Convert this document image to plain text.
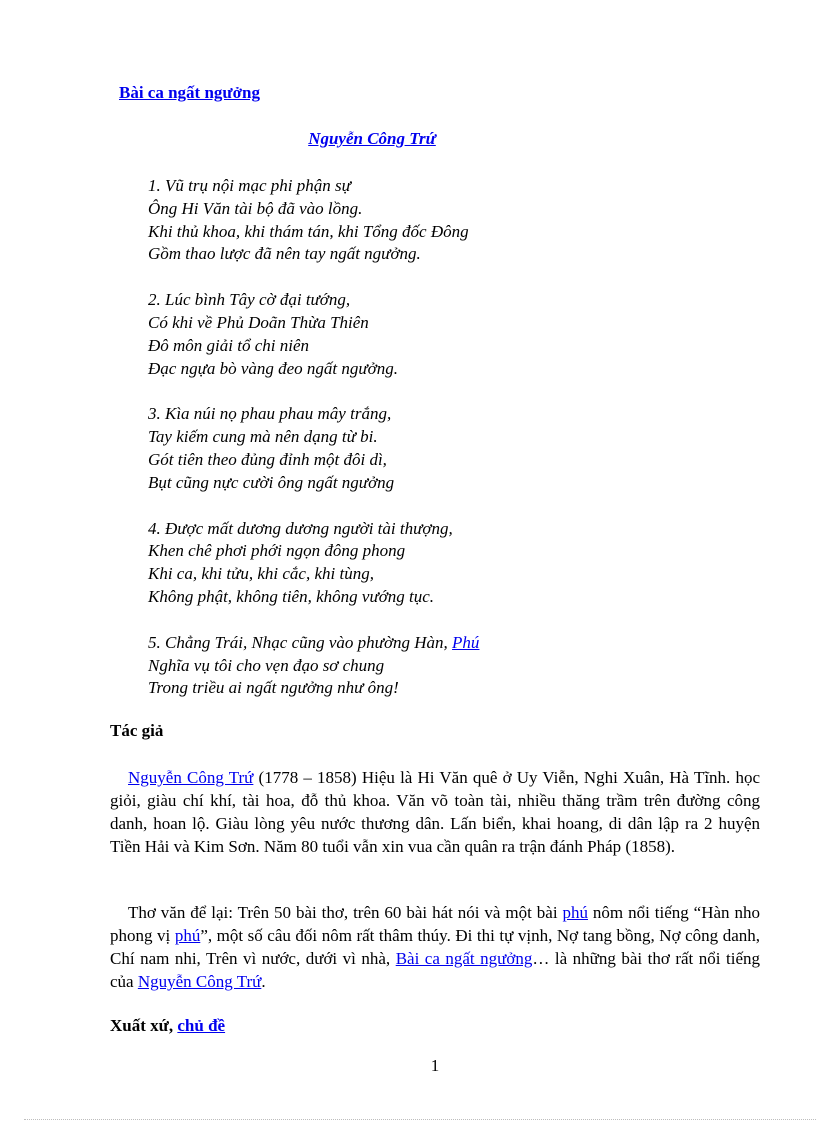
Bài ca ngất ngưởng
Nguyễn Công Trứ
1. Vũ trụ nội mạc phi phận sự
Ông Hi Văn tài bộ đã vào lồng.
Khi thủ khoa, khi thám tán, khi Tổng đốc Đông
Gồm thao lược đã nên tay ngất ngưởng.
2. Lúc bình Tây cờ đại tướng,
Có khi về Phủ Doãn Thừa Thiên
Đô môn giải tổ chi niên
Đạc ngựa bò vàng đeo ngất ngưởng.
3. Kìa núi nọ phau phau mây trắng,
Tay kiếm cung mà nên dạng từ bi.
Gót tiên theo đủng đỉnh một đôi dì,
Bụt cũng nực cười ông ngất ngưởng
4. Được mất dương dương người tài thượng,
Khen chê phơi phới ngọn đông phong
Khi ca, khi tửu, khi cắc, khi tùng,
Không phật, không tiên, không vướng tục.
5. Chẳng Trái, Nhạc cũng vào phường Hàn, Phú
Nghĩa vụ tôi cho vẹn đạo sơ chung
Trong triều ai ngất ngưởng như ông!
Tác giả

Nguyễn Công Trứ (1778 – 1858) Hiệu là Hi Văn quê ở Uy Viễn, Nghi Xuân, Hà Tĩnh. học giỏi, giàu chí khí, tài hoa, đỗ thủ khoa. Văn võ toàn tài, nhiều thăng trầm trên đường công danh, hoan lộ. Giàu lòng yêu nước thương dân. Lấn biển, khai hoang, di dân lập ra 2 huyện Tiền Hải và Kim Sơn. Năm 80 tuổi vẫn xin vua cần quân ra trận đánh Pháp (1858).

Thơ văn để lại: Trên 50 bài thơ, trên 60 bài hát nói và một bài phú nôm nổi tiếng “Hàn nho phong vị phú”, một số câu đối nôm rất thâm thúy. Đi thi tự vịnh, Nợ tang bồng, Nợ công danh, Chí nam nhi, Trên vì nước, dưới vì nhà, Bài ca ngất ngưởng… là những bài thơ rất nổi tiếng của Nguyễn Công Trứ.

Xuất xứ, chủ đề
1
